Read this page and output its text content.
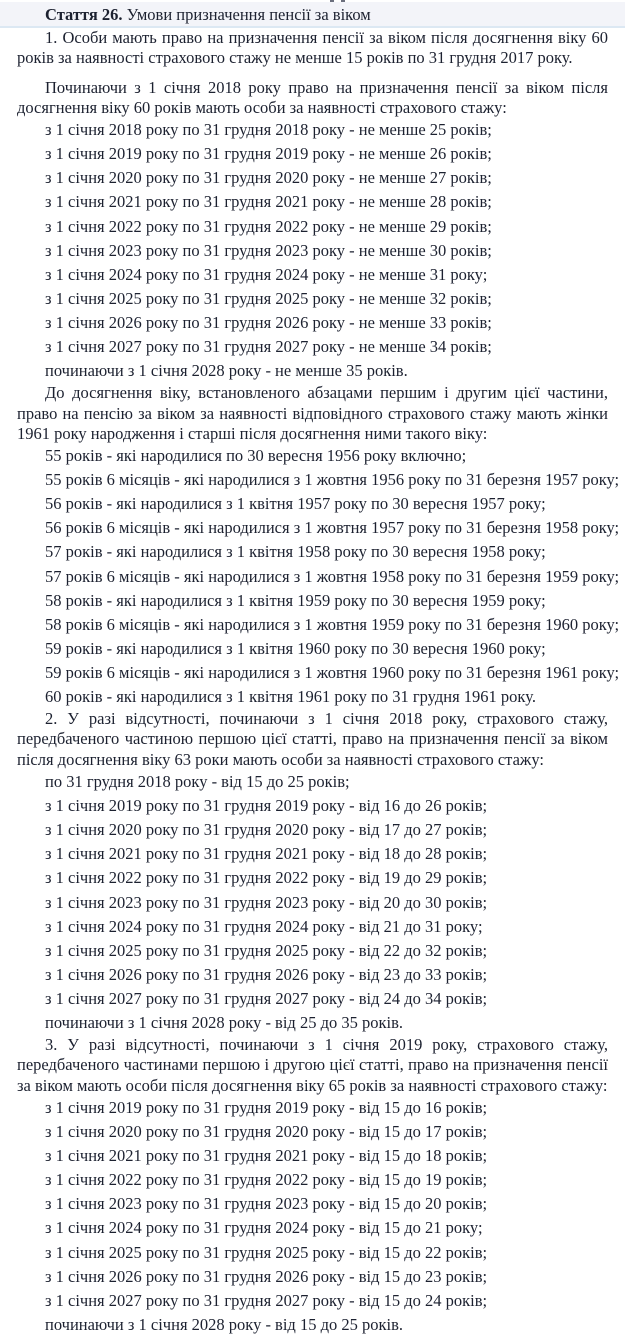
Стаття 26. Умови призначення пенсії за віком

1. Особи мають право на призначення пенсії за віком після досягнення віку 60 років за наявності страхового стажу не менше 15 років по 31 грудня 2017 року.

Починаючи з 1 січня 2018 року право на призначення пенсії за віком після досягнення віку 60 років мають особи за наявності страхового стажу:

з 1 січня 2018 року по 31 грудня 2018 року - не менше 25 років;

з 1 січня 2019 року по 31 грудня 2019 року - не менше 26 років;

з 1 січня 2020 року по 31 грудня 2020 року - не менше 27 років;

з 1 січня 2021 року по 31 грудня 2021 року - не менше 28 років;

з 1 січня 2022 року по 31 грудня 2022 року - не менше 29 років;

з 1 січня 2023 року по 31 грудня 2023 року - не менше 30 років;

з 1 січня 2024 року по 31 грудня 2024 року - не менше 31 року;

з 1 січня 2025 року по 31 грудня 2025 року - не менше 32 років;

з 1 січня 2026 року по 31 грудня 2026 року - не менше 33 років;

з 1 січня 2027 року по 31 грудня 2027 року - не менше 34 років;

починаючи з 1 січня 2028 року - не менше 35 років.

До досягнення віку, встановленого абзацами першим і другим цієї частини, право на пенсію за віком за наявності відповідного страхового стажу мають жінки 1961 року народження і старші після досягнення ними такого віку:

55 років - які народилися по 30 вересня 1956 року включно;

55 років 6 місяців - які народилися з 1 жовтня 1956 року по 31 березня 1957 року;

56 років - які народилися з 1 квітня 1957 року по 30 вересня 1957 року;

56 років 6 місяців - які народилися з 1 жовтня 1957 року по 31 березня 1958 року;

57 років - які народилися з 1 квітня 1958 року по 30 вересня 1958 року;

57 років 6 місяців - які народилися з 1 жовтня 1958 року по 31 березня 1959 року;

58 років - які народилися з 1 квітня 1959 року по 30 вересня 1959 року;

58 років 6 місяців - які народилися з 1 жовтня 1959 року по 31 березня 1960 року;

59 років - які народилися з 1 квітня 1960 року по 30 вересня 1960 року;

59 років 6 місяців - які народилися з 1 жовтня 1960 року по 31 березня 1961 року;

60 років - які народилися з 1 квітня 1961 року по 31 грудня 1961 року.

2. У разі відсутності, починаючи з 1 січня 2018 року, страхового стажу, передбаченого частиною першою цієї статті, право на призначення пенсії за віком після досягнення віку 63 роки мають особи за наявності страхового стажу:

по 31 грудня 2018 року - від 15 до 25 років;

з 1 січня 2019 року по 31 грудня 2019 року - від 16 до 26 років;

з 1 січня 2020 року по 31 грудня 2020 року - від 17 до 27 років;

з 1 січня 2021 року по 31 грудня 2021 року - від 18 до 28 років;

з 1 січня 2022 року по 31 грудня 2022 року - від 19 до 29 років;

з 1 січня 2023 року по 31 грудня 2023 року - від 20 до 30 років;

з 1 січня 2024 року по 31 грудня 2024 року - від 21 до 31 року;

з 1 січня 2025 року по 31 грудня 2025 року - від 22 до 32 років;

з 1 січня 2026 року по 31 грудня 2026 року - від 23 до 33 років;

з 1 січня 2027 року по 31 грудня 2027 року - від 24 до 34 років;

починаючи з 1 січня 2028 року - від 25 до 35 років.

3. У разі відсутності, починаючи з 1 січня 2019 року, страхового стажу, передбаченого частинами першою і другою цієї статті, право на призначення пенсії за віком мають особи після досягнення віку 65 років за наявності страхового стажу:

з 1 січня 2019 року по 31 грудня 2019 року - від 15 до 16 років;

з 1 січня 2020 року по 31 грудня 2020 року - від 15 до 17 років;

з 1 січня 2021 року по 31 грудня 2021 року - від 15 до 18 років;

з 1 січня 2022 року по 31 грудня 2022 року - від 15 до 19 років;

з 1 січня 2023 року по 31 грудня 2023 року - від 15 до 20 років;

з 1 січня 2024 року по 31 грудня 2024 року - від 15 до 21 року;

з 1 січня 2025 року по 31 грудня 2025 року - від 15 до 22 років;

з 1 січня 2026 року по 31 грудня 2026 року - від 15 до 23 років;

з 1 січня 2027 року по 31 грудня 2027 року - від 15 до 24 років;

починаючи з 1 січня 2028 року - від 15 до 25 років.
